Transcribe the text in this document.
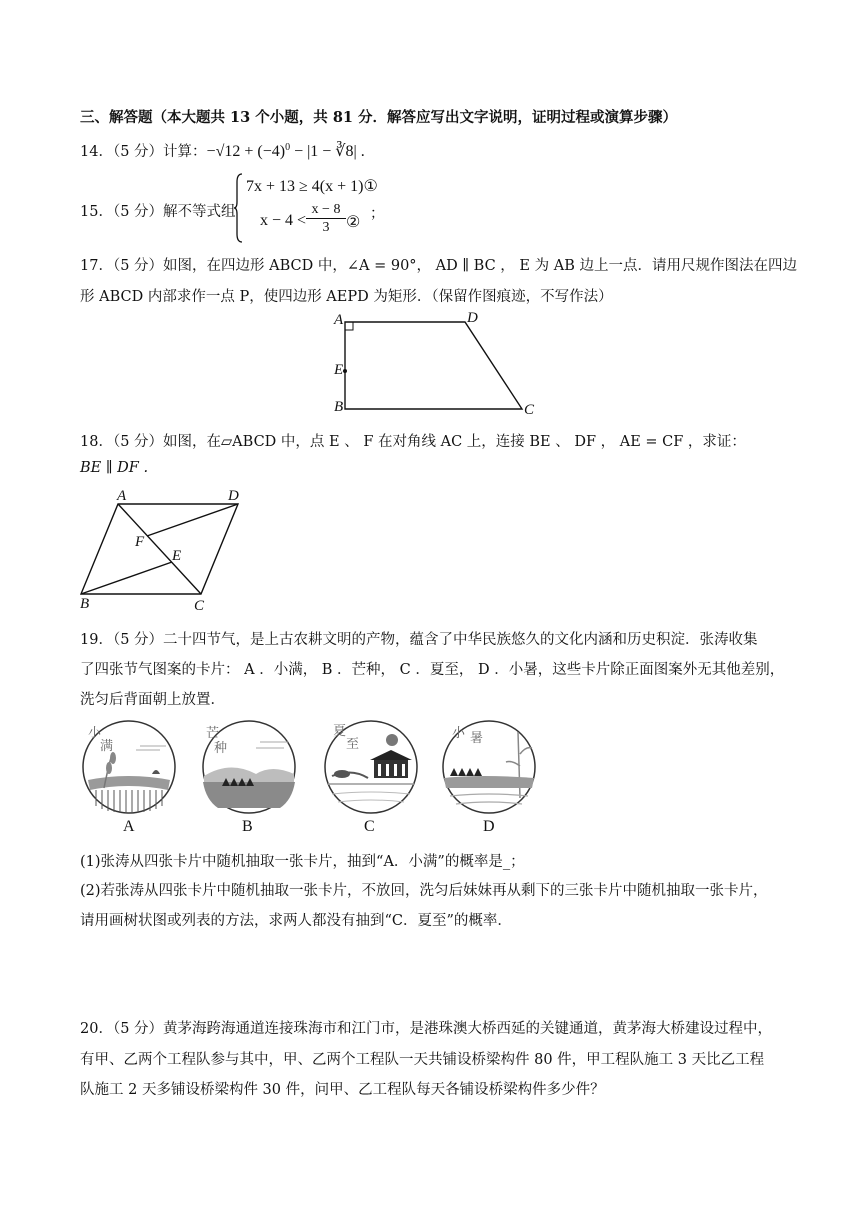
三、解答题（本大题共 13 个小题，共 81 分．解答应写出文字说明，证明过程或演算步骤）
14．（5 分）计算：$-√12 + (-4)^0 - |1$ − ∛8| .
15．（5 分）解不等式组
7x + 13 ≥ 4(x + 1)①
$x - 4 < \frac{x - 8}{3}$ ② ；
17．（5 分）如图，在四边形 ABCD 中，∠A = 90°， AD ∥ BC ， E 为 AB 边上一点．请用尺规作图法在四边
形 ABCD 内部求作一点 P，使四边形 AEPD 为矩形．（保留作图痕迹，不写作法）
A	D
E
B	C
18．（5 分）如图，在▱ABCD 中，点 E 、 F 在对角线 AC 上，连接 BE 、 DF ， AE = CF ，求证：
BE ∥ DF .
A	D
F
E
B	C
19．（5 分）二十四节气，是上古农耕文明的产物，蕴含了中华民族悠久的文化内涵和历史积淀．张涛收集
了四张节气图案的卡片： A ．小满， B ．芒种， C ．夏至， D ．小暑，这些卡片除正面图案外无其他差别，
洗匀后背面朝上放置．
小
满
芒
种
夏
至
小 暑
A	B	C	D
(1)张涛从四张卡片中随机抽取一张卡片，抽到“A．小满”的概率是_；
(2)若张涛从四张卡片中随机抽取一张卡片，不放回，洗匀后妹妹再从剩下的三张卡片中随机抽取一张卡片，
请用画树状图或列表的方法，求两人都没有抽到“C．夏至”的概率．
20．（5 分）黄茅海跨海通道连接珠海市和江门市，是港珠澳大桥西延的关键通道，黄茅海大桥建设过程中，
有甲、乙两个工程队参与其中，甲、乙两个工程队一天共铺设桥梁构件 80 件，甲工程队施工 3 天比乙工程
队施工 2 天多铺设桥梁构件 30 件，问甲、乙工程队每天各铺设桥梁构件多少件？
